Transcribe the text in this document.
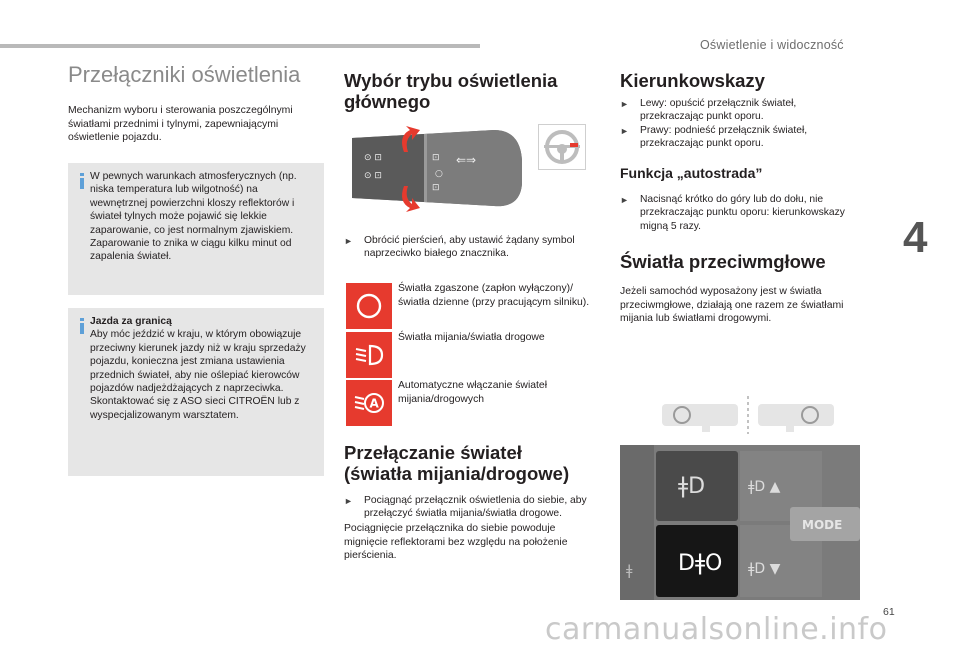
Oświetlenie i widoczność
4
61
Przełączniki oświetlenia

Mechanizm wyboru i sterowania poszczególnymi światłami przednimi i tylnymi, zapewniającymi oświetlenie pojazdu.

W pewnych warunkach atmosferycznych (np. niska temperatura lub wilgotność) na wewnętrznej powierzchni kloszy reflektorów i świateł tylnych może pojawić się lekkie zaparowanie, co jest normalnym zjawiskiem. Zaparowanie to znika w ciągu kilku minut od zapalenia świateł.
Jazda za granicą
Aby móc jeździć w kraju, w którym obowiązuje przeciwny kierunek jazdy niż w kraju sprzedaży pojazdu, konieczna jest zmiana ustawienia przednich świateł, aby nie oślepiać kierowców pojazdów nadjeżdżających z naprzeciwka. Skontaktować się z ASO sieci CITROËN lub z wyspecjalizowanym warsztatem.

Wybór trybu oświetlenia głównego

⊙ ⊡
⊙ ⊡
⊡ ⇐⇒
○
⊡
►	Obrócić pierścień, aby ustawić żądany symbol naprzeciwko białego znacznika.
Światła zgaszone (zapłon wyłączony)/ światła dzienne (przy pracującym silniku).
Światła mijania/światła drogowe
A
Automatyczne włączanie świateł mijania/drogowych

Przełączanie świateł (światła mijania/drogowe)

►	Pociągnąć przełącznik oświetlenia do siebie, aby przełączyć światła mijania/światła drogowe.

Pociągnięcie przełącznika do siebie powoduje mignięcie reflektorami bez względu na położenie pierścienia.

Kierunkowskazy

►	Lewy: opuścić przełącznik świateł, przekraczając punkt oporu.
►	Prawy: podnieść przełącznik świateł, przekraczając punkt oporu.
Funkcja „autostrada”
►	Nacisnąć krótko do góry lub do dołu, nie przekraczając punktu oporu: kierunkowskazy migną 5 razy.

Światła przeciwmgłowe

Jeżeli samochód wyposażony jest w światła przeciwmgłowe, działają one razem ze światłami mijania lub światłami drogowymi.

MODE
ǂD
DǂO
ǂD ▲
ǂD ▼
ǂ
carmanualsonline.info
